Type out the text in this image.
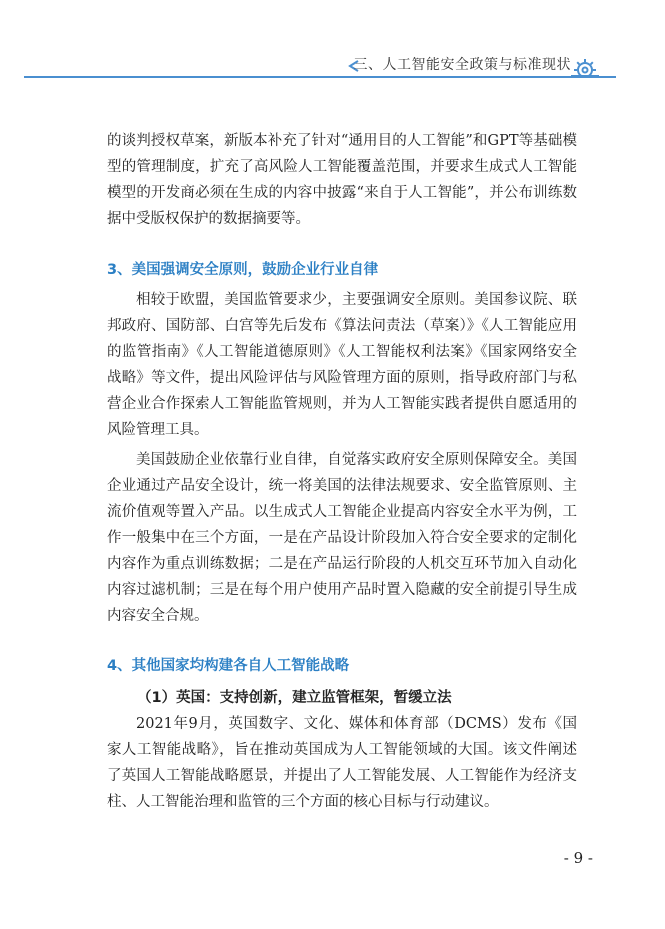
三、人工智能安全政策与标准现状

的谈判授权草案，新版本补充了针对“通用目的人工智能”和GPT等基础模型的管理制度，扩充了高风险人工智能覆盖范围，并要求生成式人工智能模型的开发商必须在生成的内容中披露“来自于人工智能”，并公布训练数据中受版权保护的数据摘要等。

3、美国强调安全原则，鼓励企业行业自律

相较于欧盟，美国监管要求少，主要强调安全原则。美国参议院、联邦政府、国防部、白宫等先后发布《算法问责法（草案）》《人工智能应用的监管指南》《人工智能道德原则》《人工智能权利法案》《国家网络安全战略》等文件，提出风险评估与风险管理方面的原则，指导政府部门与私营企业合作探索人工智能监管规则，并为人工智能实践者提供自愿适用的风险管理工具。

美国鼓励企业依靠行业自律，自觉落实政府安全原则保障安全。美国企业通过产品安全设计，统一将美国的法律法规要求、安全监管原则、主流价值观等置入产品。以生成式人工智能企业提高内容安全水平为例，工作一般集中在三个方面，一是在产品设计阶段加入符合安全要求的定制化内容作为重点训练数据；二是在产品运行阶段的人机交互环节加入自动化内容过滤机制；三是在每个用户使用产品时置入隐藏的安全前提引导生成内容安全合规。

4、其他国家均构建各自人工智能战略
（1）英国：支持创新，建立监管框架，暂缓立法

2021年9月，英国数字、文化、媒体和体育部（DCMS）发布《国家人工智能战略》，旨在推动英国成为人工智能领域的大国。该文件阐述了英国人工智能战略愿景，并提出了人工智能发展、人工智能作为经济支柱、人工智能治理和监管的三个方面的核心目标与行动建议。

- 9 -
